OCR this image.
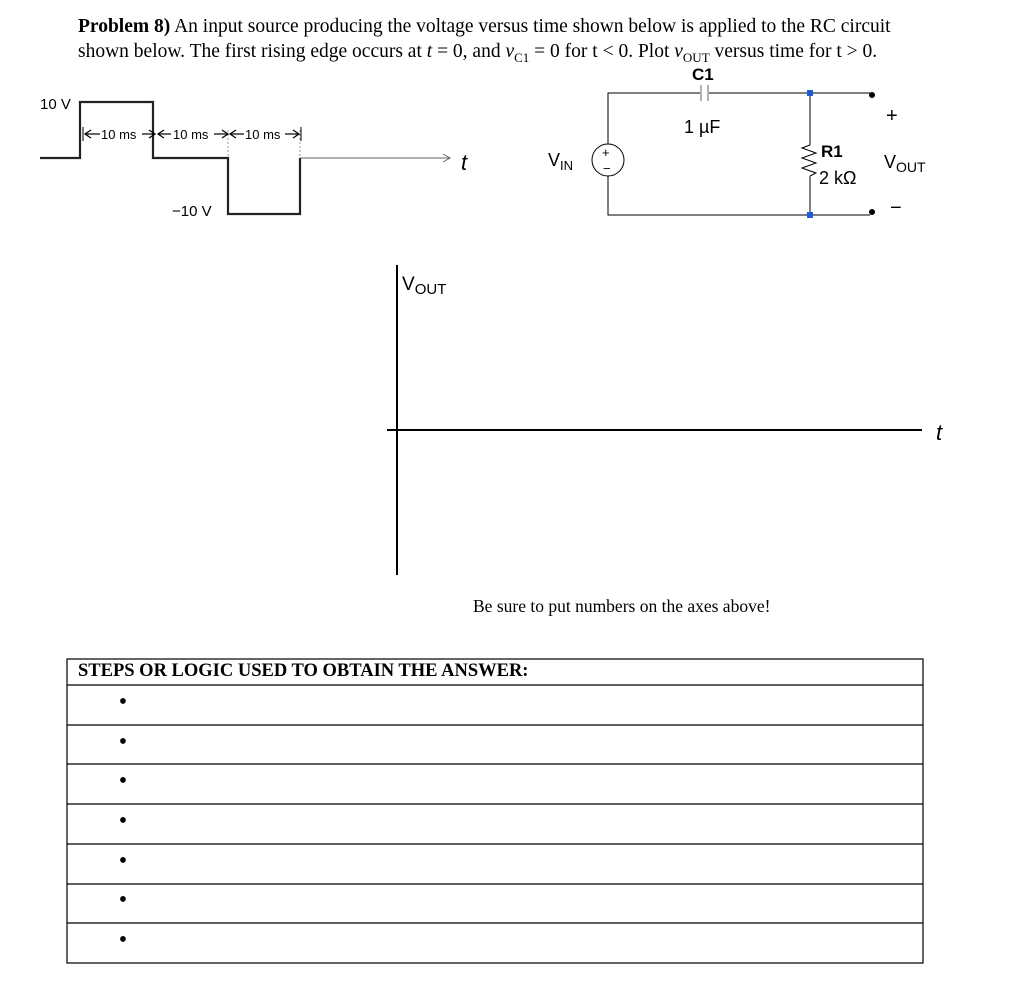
Problem 8) An input source producing the voltage versus time shown below is applied to the RC circuit
shown below. The first rising edge occurs at t = 0, and $v_{C1} = 0$ for t < 0. Plot $v_{OUT}$ versus time for t > 0.

10 V
−10 V
t
10 ms	10 ms	10 ms
$V_{IN}$
+
−
C1
1 µF
R1
2 kΩ
+
−
$V_{OUT}$
$V_{OUT}$
t
Be sure to put numbers on the axes above!
STEPS OR LOGIC USED TO OBTAIN THE ANSWER:
•
•
•
•
•
•
•
